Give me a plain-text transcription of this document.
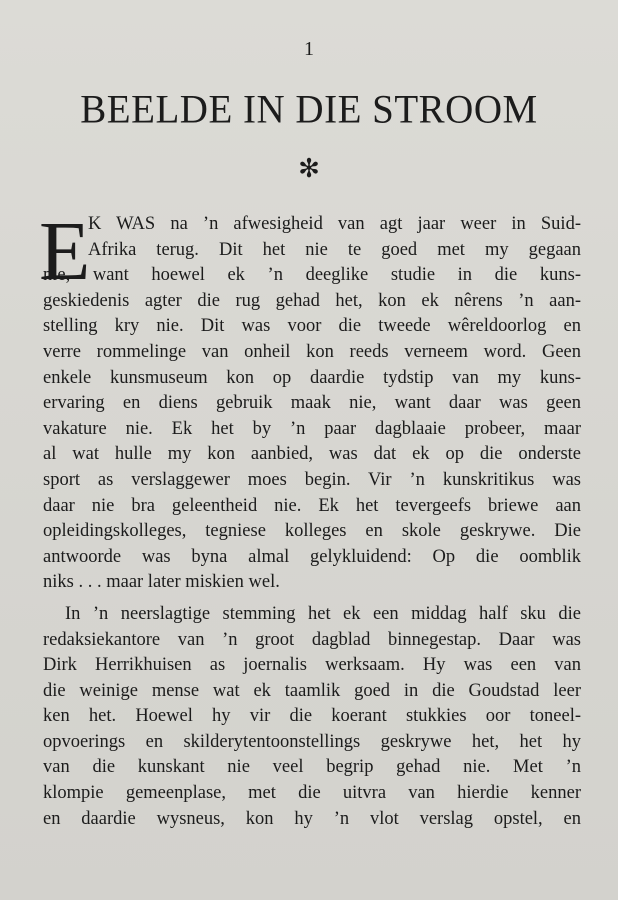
1
BEELDE IN DIE STROOM
✻
E
K WAS na ’n afwesigheid van agt jaar weer in Suid-
Afrika terug. Dit het nie te goed met my gegaan
nie, want hoewel ek ’n deeglike studie in die kuns-
geskiedenis agter die rug gehad het, kon ek nêrens ’n aan-
stelling kry nie. Dit was voor die tweede wêreldoorlog en
verre rommelinge van onheil kon reeds verneem word. Geen
enkele kunsmuseum kon op daardie tydstip van my kuns-
ervaring en diens gebruik maak nie, want daar was geen
vakature nie. Ek het by ’n paar dagblaaie probeer, maar
al wat hulle my kon aanbied, was dat ek op die onderste
sport as verslaggewer moes begin. Vir ’n kunskritikus was
daar nie bra geleentheid nie. Ek het tevergeefs briewe aan
opleidingskolleges, tegniese kolleges en skole geskrywe. Die
antwoorde was byna almal gelykluidend: Op die oomblik
niks . . . maar later miskien wel.
In ’n neerslagtige stemming het ek een middag half sku die
redaksiekantore van ’n groot dagblad binnegestap. Daar was
Dirk Herrikhuisen as joernalis werksaam. Hy was een van
die weinige mense wat ek taamlik goed in die Goudstad leer
ken het. Hoewel hy vir die koerant stukkies oor toneel-
opvoerings en skilderytentoonstellings geskrywe het, het hy
van die kunskant nie veel begrip gehad nie. Met ’n
klompie gemeenplase, met die uitvra van hierdie kenner
en daardie wysneus, kon hy ’n vlot verslag opstel, en
